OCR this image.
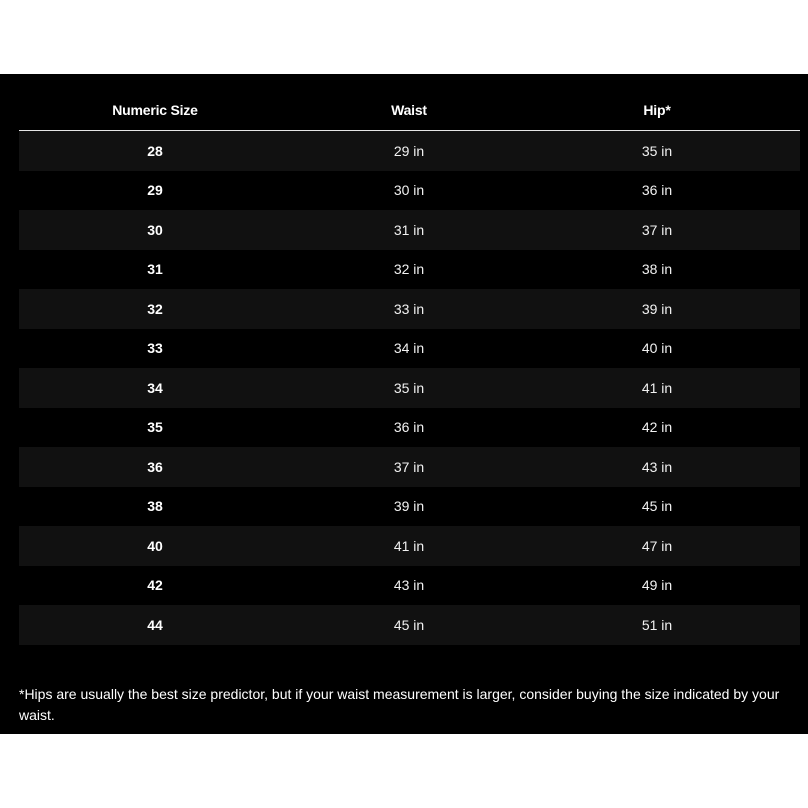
Numeric Size	Waist	Hip*
28	29 in	35 in
29	30 in	36 in
30	31 in	37 in
31	32 in	38 in
32	33 in	39 in
33	34 in	40 in
34	35 in	41 in
35	36 in	42 in
36	37 in	43 in
38	39 in	45 in
40	41 in	47 in
42	43 in	49 in
44	45 in	51 in
*Hips are usually the best size predictor, but if your waist measurement is larger, consider buying the size indicated by your waist.
